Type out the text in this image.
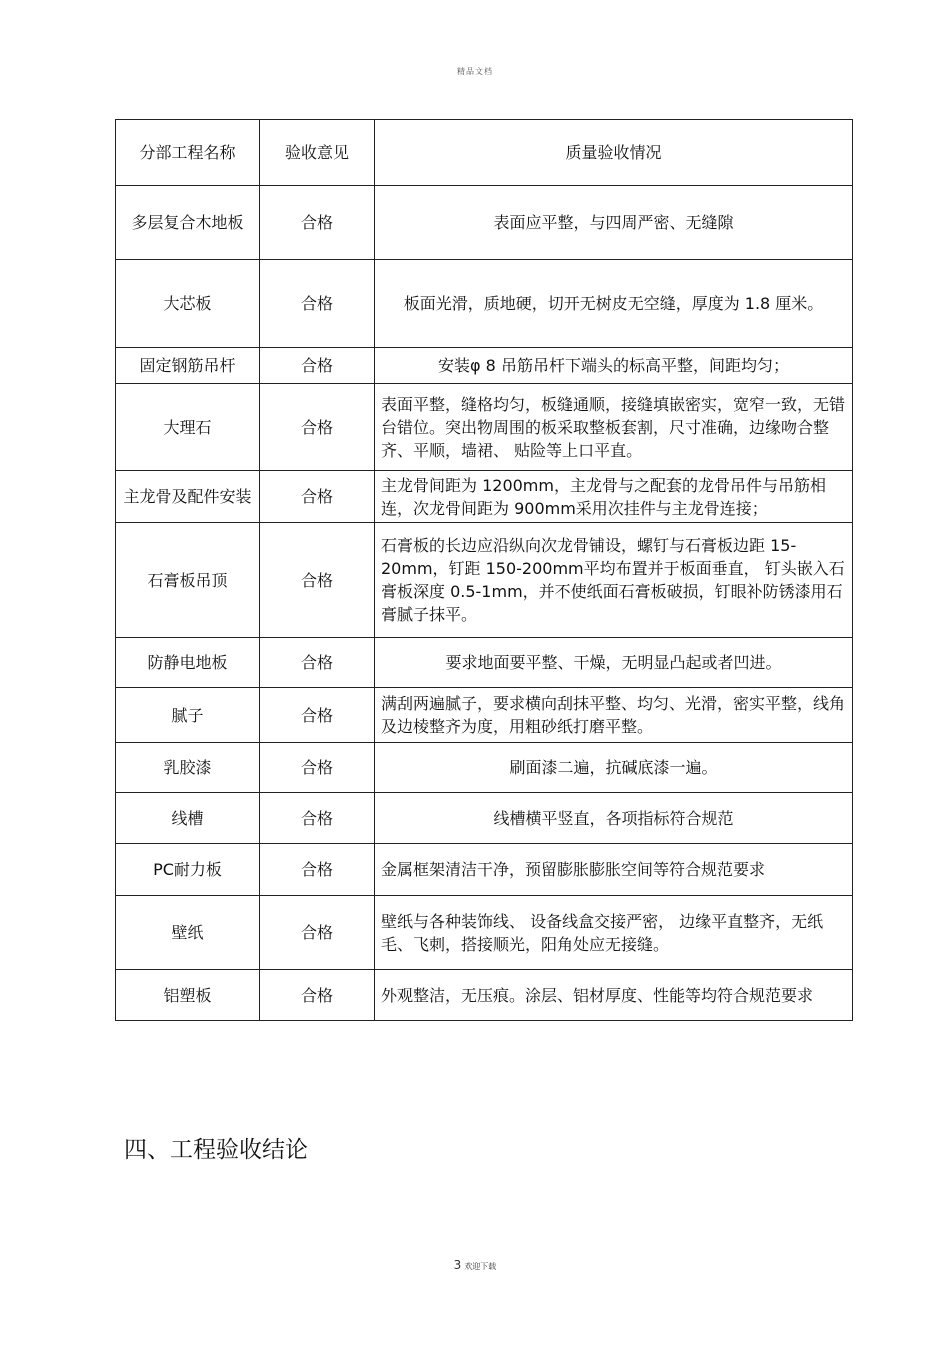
精品文档
分部工程名称	验收意见	质量验收情况
多层复合木地板	合格	表面应平整，与四周严密、无缝隙
大芯板	合格	板面光滑，质地硬，切开无树皮无空缝，厚度为 1.8 厘米。
固定钢筋吊杆	合格	安装φ 8 吊筋吊杆下端头的标高平整，间距均匀；
大理石	合格	表面平整，缝格均匀，板缝通顺，接缝填嵌密实，宽窄一致，无错台错位。突出物周围的板采取整板套割，尺寸准确，边缘吻合整齐、平顺，墙裙、 贴险等上口平直。
主龙骨及配件安装	合格	主龙骨间距为 1200mm，主龙骨与之配套的龙骨吊件与吊筋相连，次龙骨间距为 900mm采用次挂件与主龙骨连接；
石膏板吊顶	合格	石膏板的长边应沿纵向次龙骨铺设，螺钉与石膏板边距 15-20mm，钉距 150-200mm平均布置并于板面垂直， 钉头嵌入石膏板深度 0.5-1mm，并不使纸面石膏板破损，钉眼补防锈漆用石膏腻子抹平。
防静电地板	合格	要求地面要平整、干燥，无明显凸起或者凹进。
腻子	合格	满刮两遍腻子，要求横向刮抹平整、均匀、光滑，密实平整，线角及边棱整齐为度，用粗砂纸打磨平整。
乳胶漆	合格	刷面漆二遍，抗碱底漆一遍。
线槽	合格	线槽横平竖直，各项指标符合规范
PC耐力板	合格	金属框架清洁干净，预留膨胀膨胀空间等符合规范要求
壁纸	合格	壁纸与各种装饰线、 设备线盒交接严密， 边缘平直整齐，无纸毛、飞刺，搭接顺光，阳角处应无接缝。
铝塑板	合格	外观整洁，无压痕。涂层、铝材厚度、性能等均符合规范要求
四、工程验收结论
3 欢迎下载
